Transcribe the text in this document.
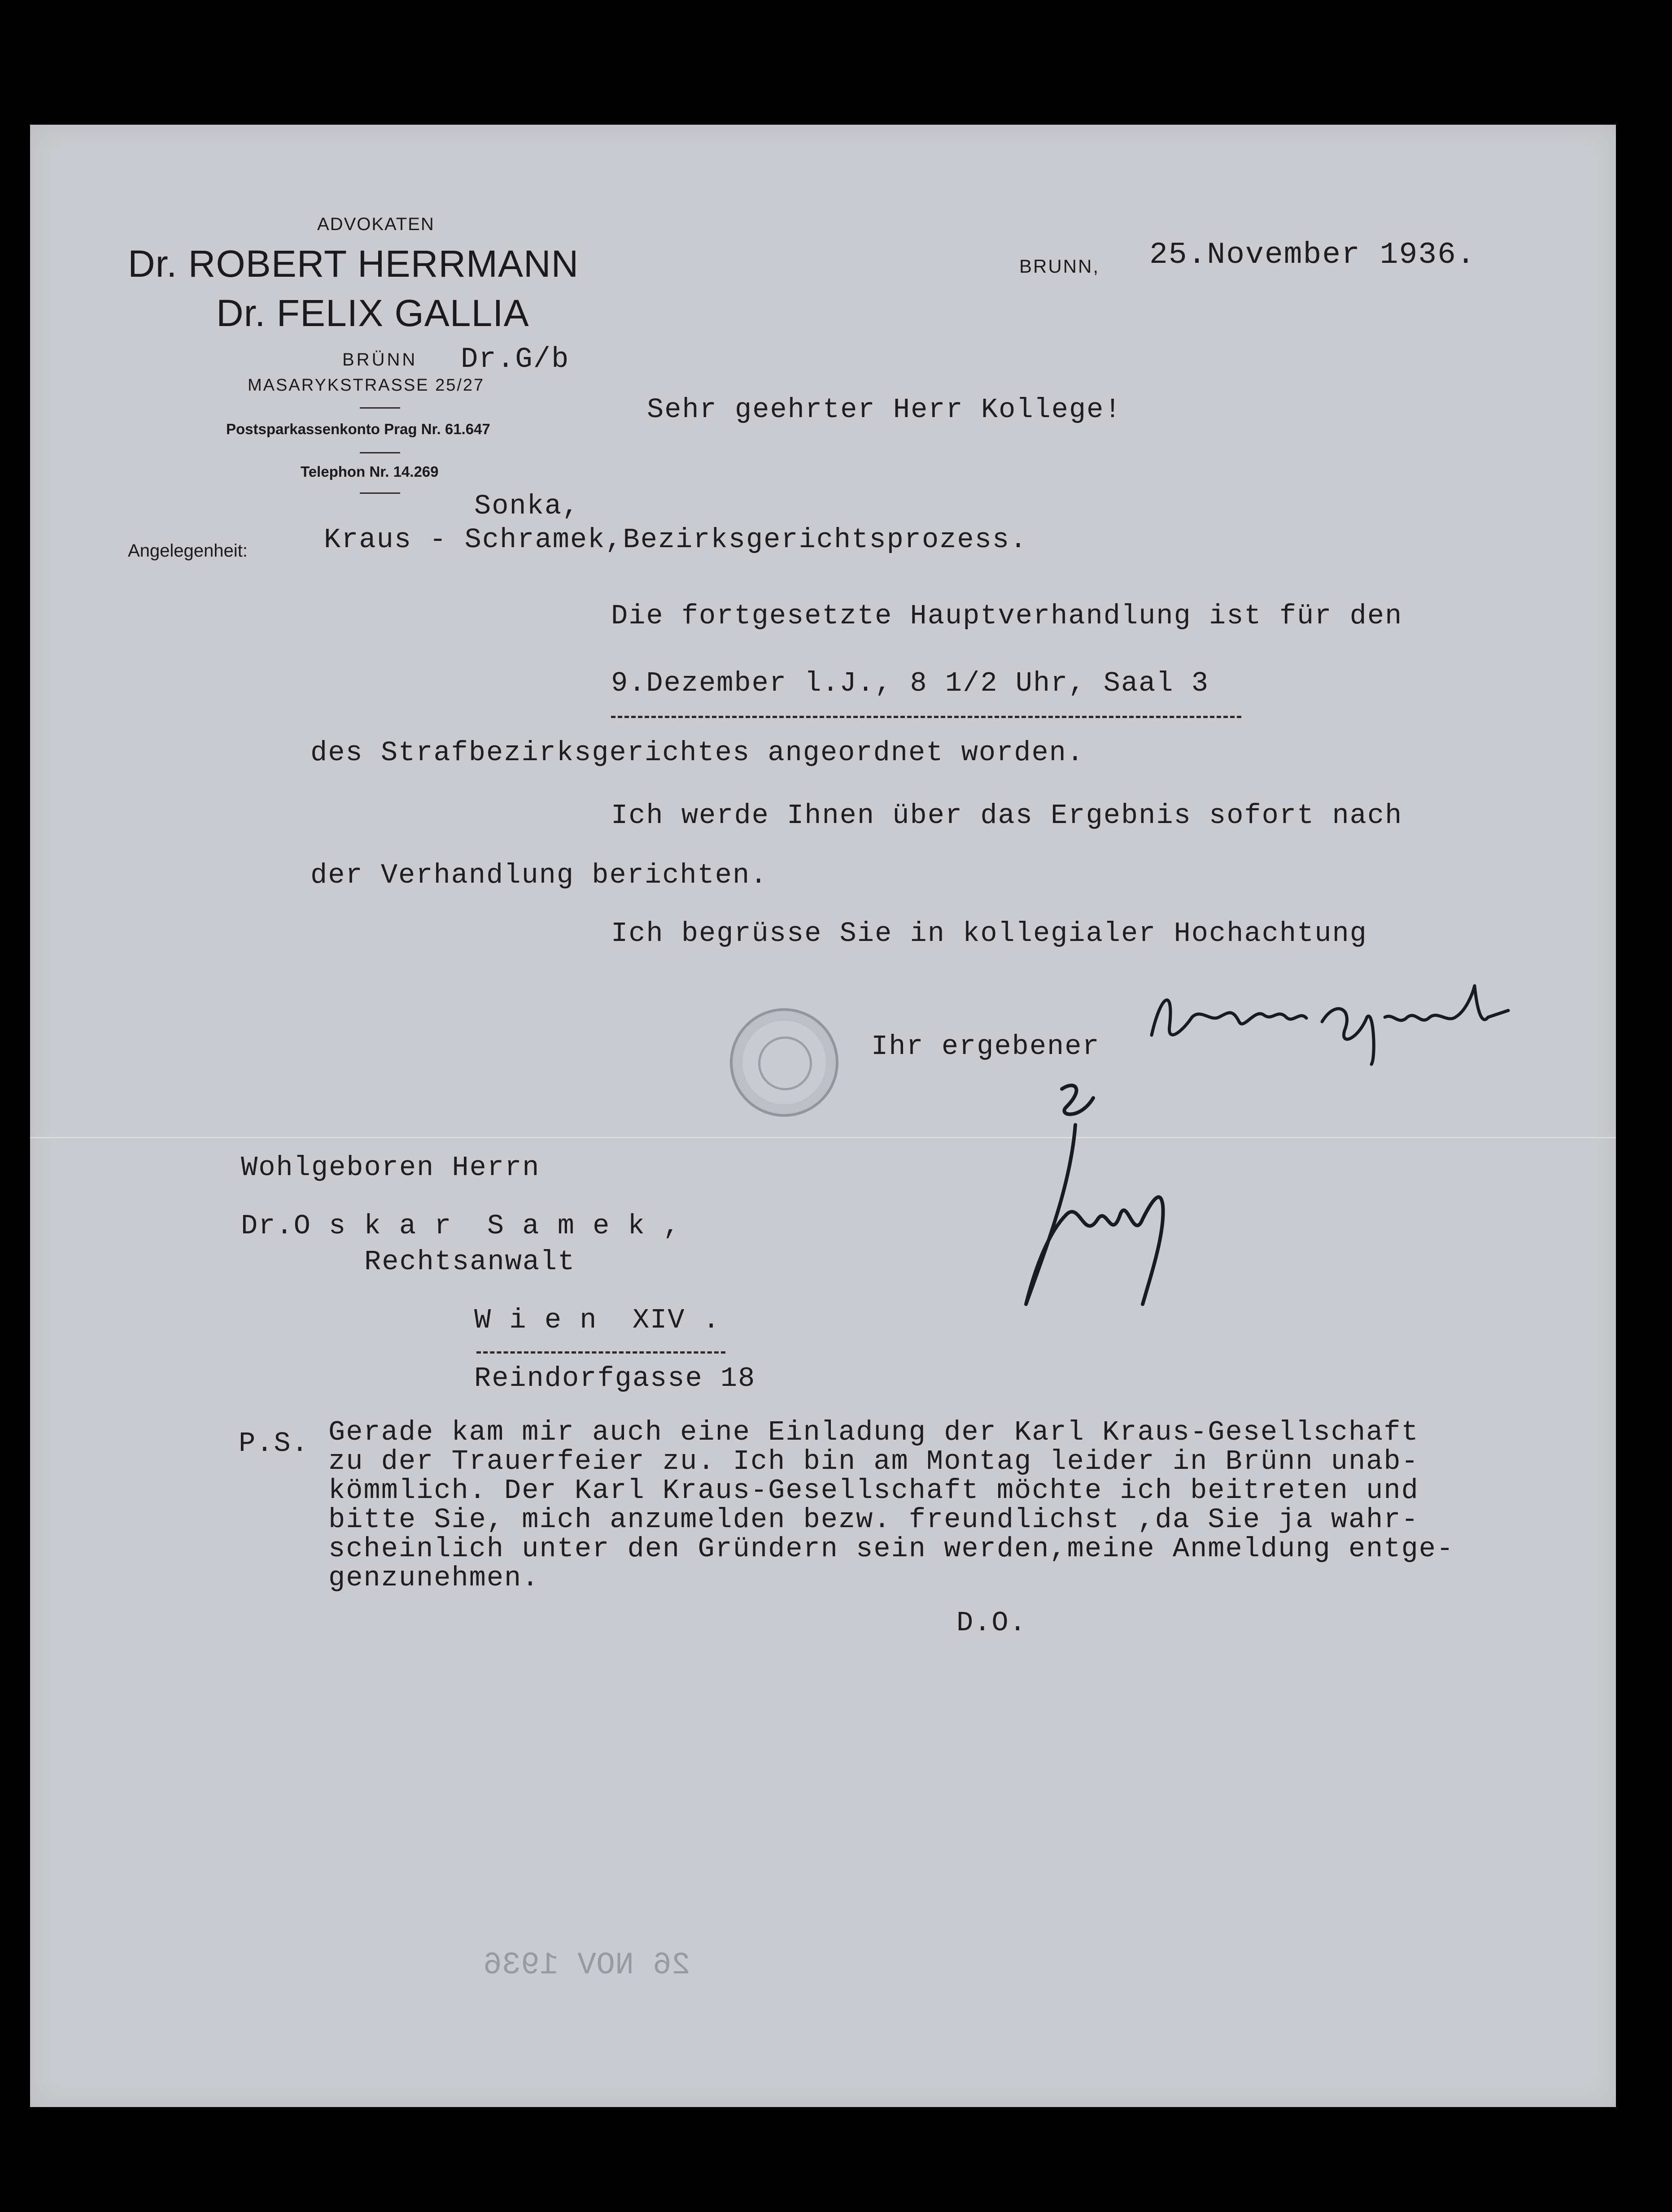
ADVOKATEN
Dr. ROBERT HERRMANN
Dr. FELIX GALLIA
BRÜNN Dr.G/b
MASARYKSTRASSE 25/27
Postsparkassenkonto Prag Nr. 61.647
Telephon Nr. 14.269
Angelegenheit:
BRUNN, 25.November 1936.
Sehr geehrter Herr Kollege!
Sonka,
Kraus - Schramek,Bezirksgerichtsprozess.
Die fortgesetzte Hauptverhandlung ist für den
9.Dezember l.J., 8 1/2 Uhr, Saal 3
des Strafbezirksgerichtes angeordnet worden.
Ich werde Ihnen über das Ergebnis sofort nach
der Verhandlung berichten.
Ich begrüsse Sie in kollegialer Hochachtung
Ihr ergebener
Wohlgeboren Herrn
Dr.O s k a r  S a m e k ,
Rechtsanwalt
W i e n  XIV .
Reindorfgasse 18
P.S. Gerade kam mir auch eine Einladung der Karl Kraus-Gesellschaft
zu der Trauerfeier zu. Ich bin am Montag leider in Brünn unab-
kömmlich. Der Karl Kraus-Gesellschaft möchte ich beitreten und
bitte Sie, mich anzumelden bezw. freundlichst ,da Sie ja wahr-
scheinlich unter den Gründern sein werden,meine Anmeldung entge-
genzunehmen.
D.O.
26 NOV 1936
